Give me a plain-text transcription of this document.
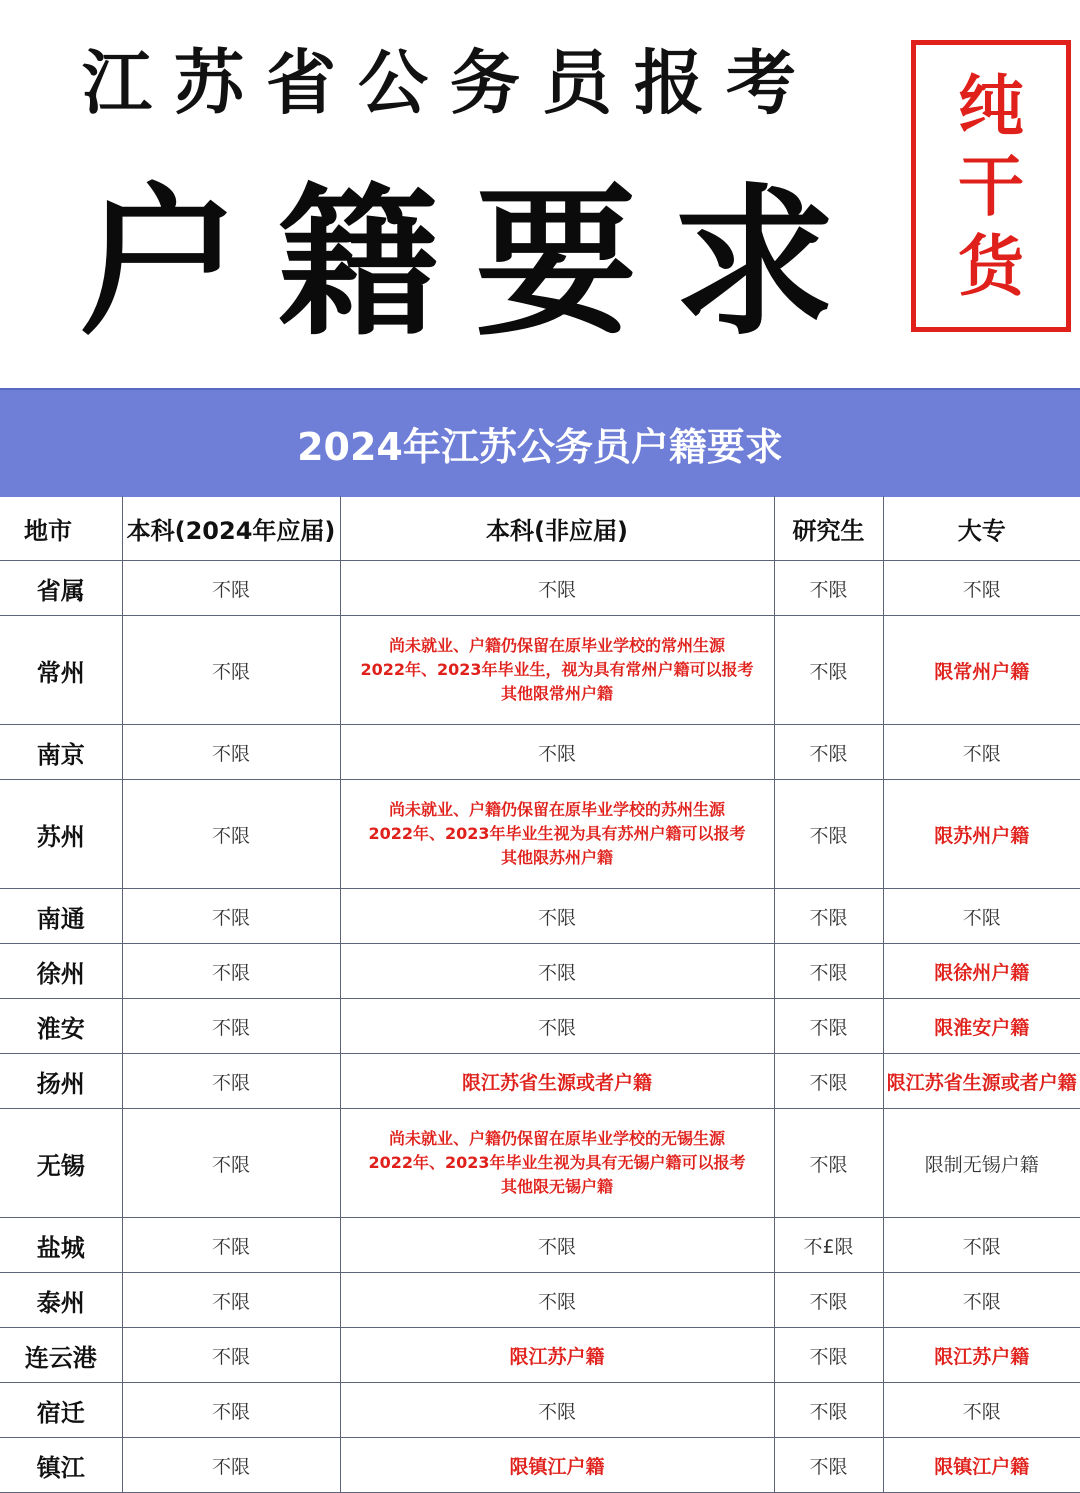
江苏省公务员报考
户籍要求
纯
干
货
2024年江苏公务员户籍要求
地市	本科(2024年应届)	本科(非应届)	研究生	大专
省属	不限	不限	不限	不限
常州	不限	尚未就业、户籍仍保留在原毕业学校的常州生源
2022年、2023年毕业生，视为具有常州户籍可以报考
其他限常州户籍	不限	限常州户籍
南京	不限	不限	不限	不限
苏州	不限	尚未就业、户籍仍保留在原毕业学校的苏州生源
2022年、2023年毕业生视为具有苏州户籍可以报考
其他限苏州户籍	不限	限苏州户籍
南通	不限	不限	不限	不限
徐州	不限	不限	不限	限徐州户籍
淮安	不限	不限	不限	限淮安户籍
扬州	不限	限江苏省生源或者户籍	不限	限江苏省生源或者户籍
无锡	不限	尚未就业、户籍仍保留在原毕业学校的无锡生源
2022年、2023年毕业生视为具有无锡户籍可以报考
其他限无锡户籍	不限	限制无锡户籍
盐城	不限	不限	不£限	不限
泰州	不限	不限	不限	不限
连云港	不限	限江苏户籍	不限	限江苏户籍
宿迁	不限	不限	不限	不限
镇江	不限	限镇江户籍	不限	限镇江户籍
